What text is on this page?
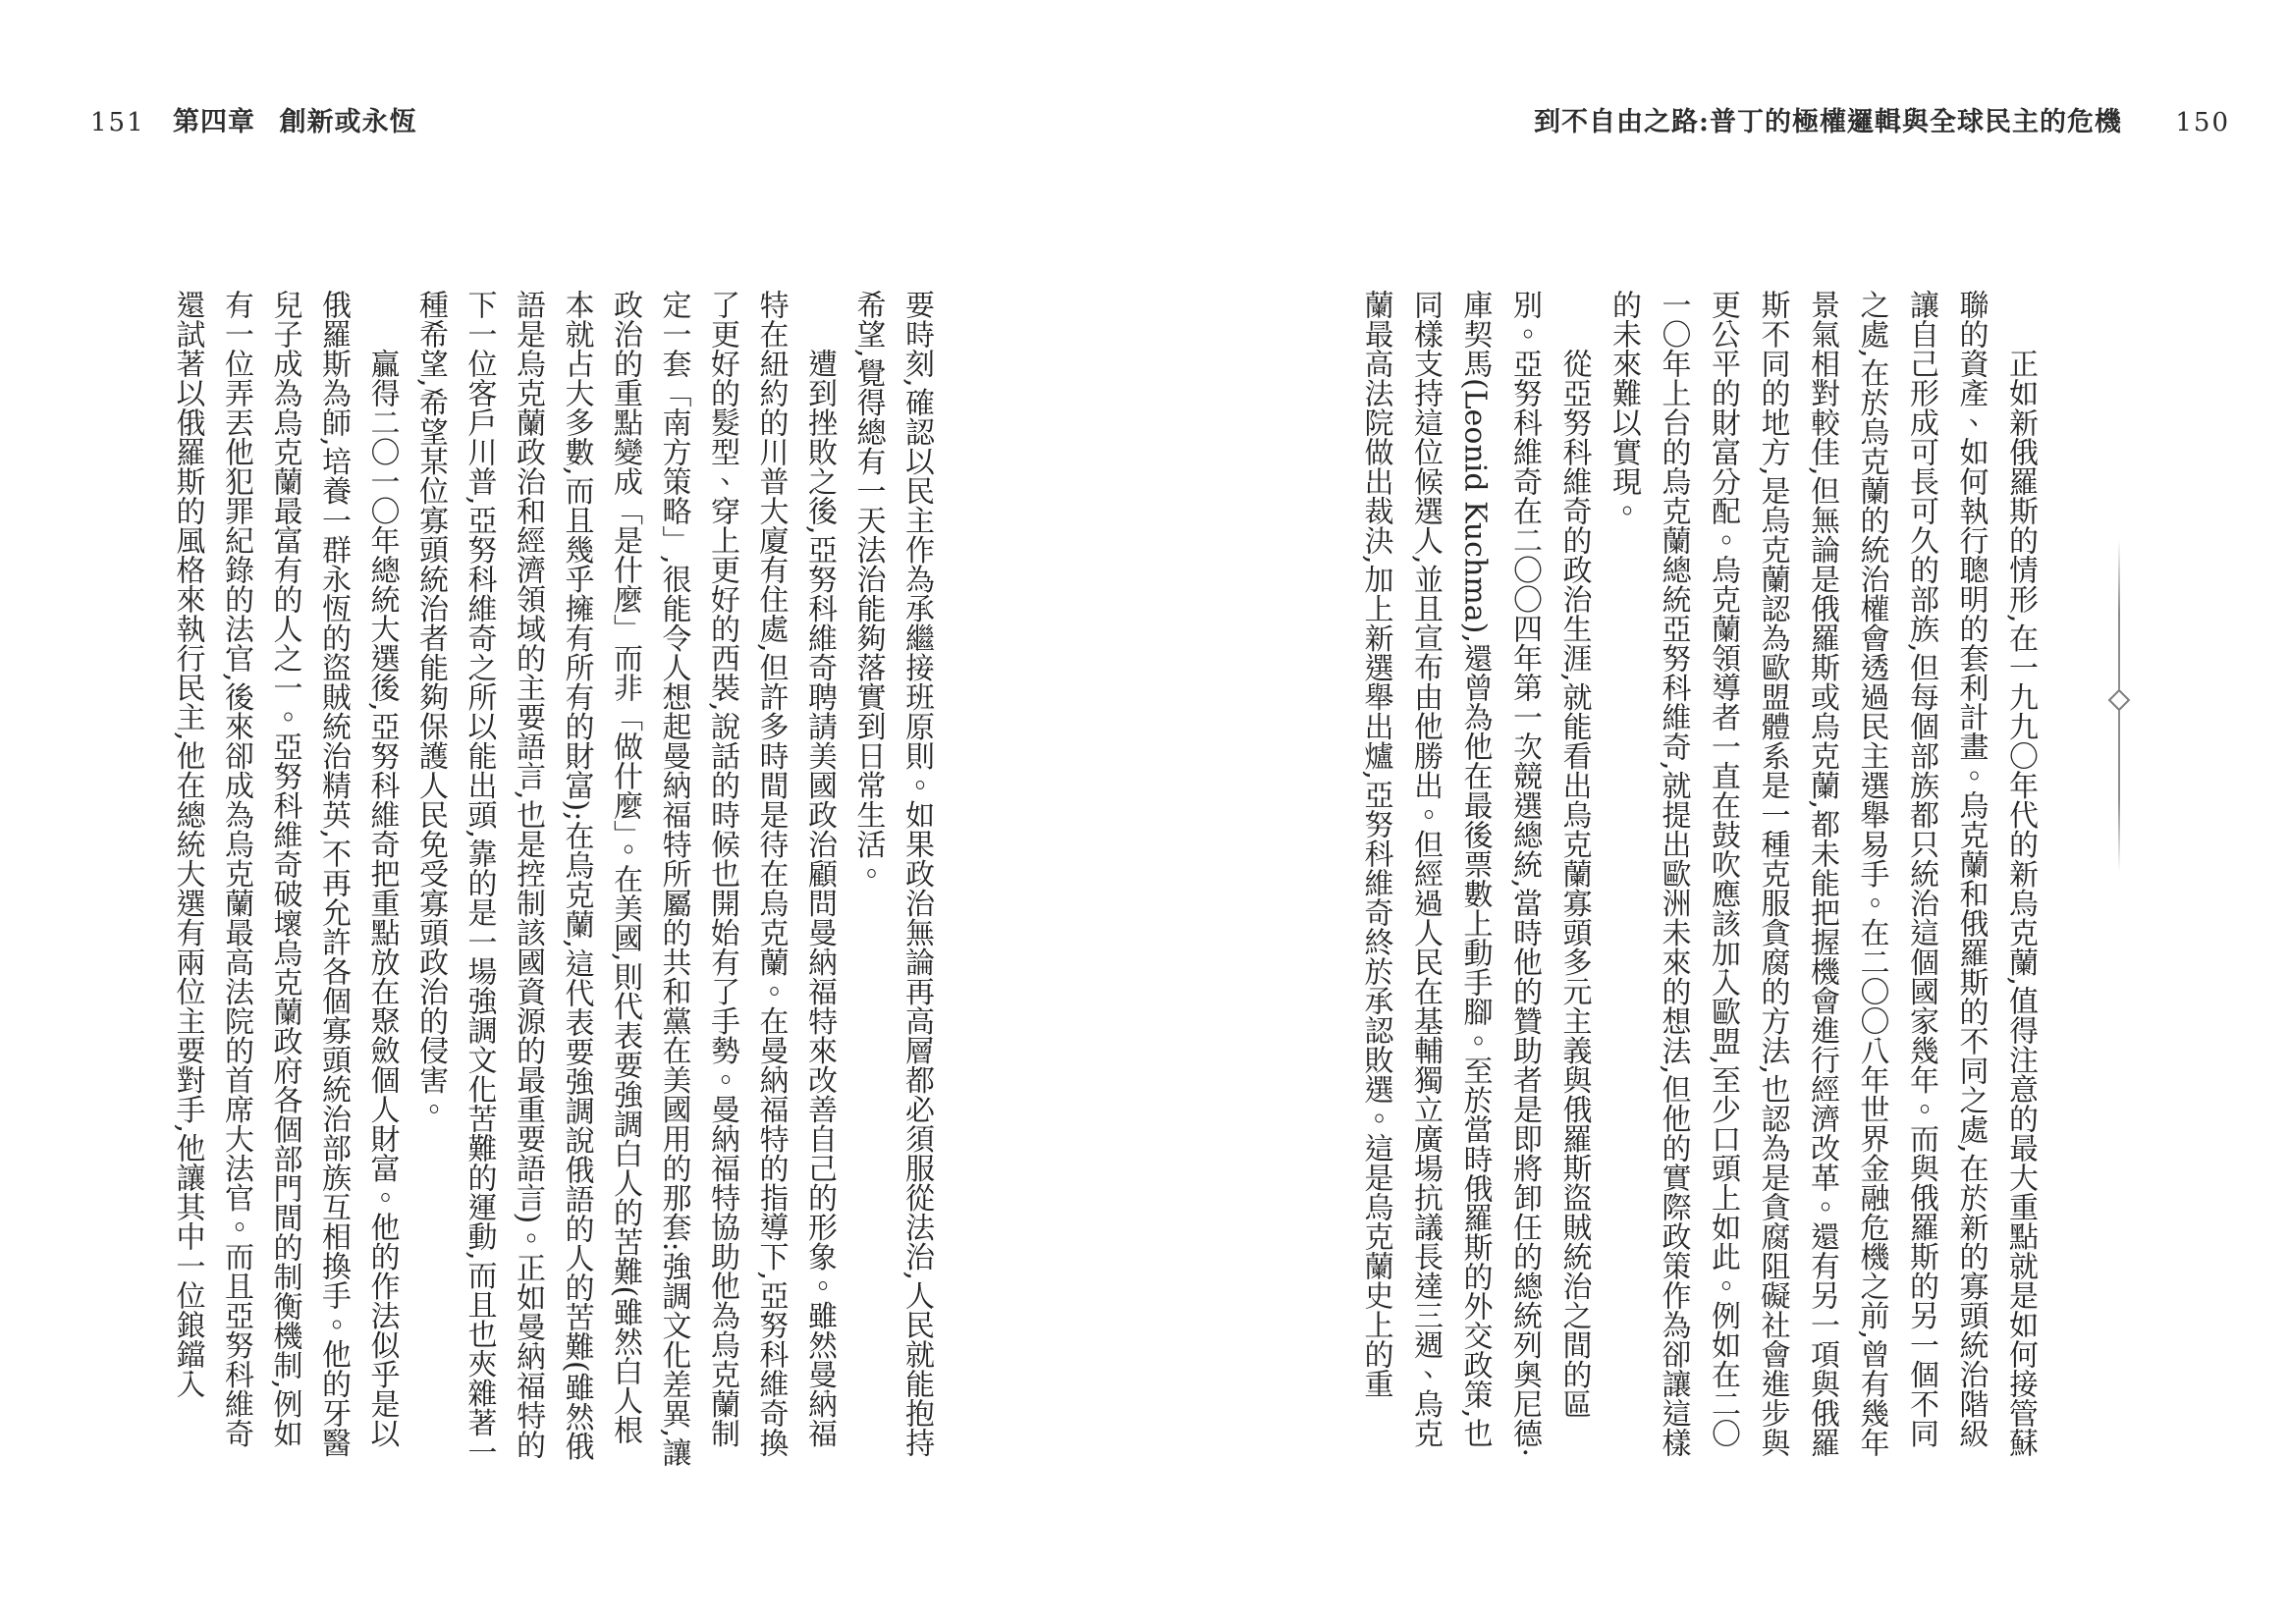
151 第四章 創新或永恆	到不自由之路:普丁的極權邏輯與全球民主的危機 150

正如新俄羅斯的情形,在一九九〇年代的新烏克蘭,值得注意的最大重點就是如何接管蘇聯的資產、如何執行聰明的套利計畫。烏克蘭和俄羅斯的不同之處,在於新的寡頭統治階級讓自己形成可長可久的部族,但每個部族都只統治這個國家幾年。而與俄羅斯的另一個不同之處,在於烏克蘭的統治權會透過民主選舉易手。在二〇〇八年世界金融危機之前,曾有幾年景氣相對較佳,但無論是俄羅斯或烏克蘭,都未能把握機會進行經濟改革。還有另一項與俄羅斯不同的地方,是烏克蘭認為歐盟體系是一種克服貪腐的方法,也認為是貪腐阻礙社會進步與更公平的財富分配。烏克蘭領導者一直在鼓吹應該加入歐盟,至少口頭上如此。例如在二〇一〇年上台的烏克蘭總統亞努科維奇,就提出歐洲未來的想法,但他的實際政策作為卻讓這樣的未來難以實現。

從亞努科維奇的政治生涯,就能看出烏克蘭寡頭多元主義與俄羅斯盜賊統治之間的區別。亞努科維奇在二〇〇四年第一次競選總統,當時他的贊助者是即將卸任的總統列奧尼德·庫契馬(Leonid Kuchma),還曾為他在最後票數上動手腳。至於當時俄羅斯的外交政策,也同樣支持這位候選人,並且宣布由他勝出。但經過人民在基輔獨立廣場抗議長達三週、烏克蘭最高法院做出裁決,加上新選舉出爐,亞努科維奇終於承認敗選。這是烏克蘭史上的重

要時刻,確認以民主作為承繼接班原則。如果政治無論再高層都必須服從法治,人民就能抱持希望,覺得總有一天法治能夠落實到日常生活。

遭到挫敗之後,亞努科維奇聘請美國政治顧問曼納福特來改善自己的形象。雖然曼納福特在紐約的川普大廈有住處,但許多時間是待在烏克蘭。在曼納福特的指導下,亞努科維奇換了更好的髮型、穿上更好的西裝,說話的時候也開始有了手勢。曼納福特協助他為烏克蘭制定一套「南方策略」,很能令人想起曼納福特所屬的共和黨在美國用的那套:強調文化差異,讓政治的重點變成「是什麼」而非「做什麼」。在美國,則代表要強調白人的苦難(雖然白人根本就占大多數,而且幾乎擁有所有的財富);在烏克蘭,這代表要強調說俄語的人的苦難(雖然俄語是烏克蘭政治和經濟領域的主要語言,也是控制該國資源的最重要語言)。正如曼納福特的下一位客戶川普,亞努科維奇之所以能出頭,靠的是一場強調文化苦難的運動,而且也夾雜著一種希望,希望某位寡頭統治者能夠保護人民免受寡頭政治的侵害。

贏得二〇一〇年總統大選後,亞努科維奇把重點放在聚斂個人財富。他的作法似乎是以俄羅斯為師,培養一群永恆的盜賊統治精英,不再允許各個寡頭統治部族互相換手。他的牙醫兒子成為烏克蘭最富有的人之一。亞努科維奇破壞烏克蘭政府各個部門間的制衡機制,例如有一位弄丟他犯罪紀錄的法官,後來卻成為烏克蘭最高法院的首席大法官。而且亞努科維奇還試著以俄羅斯的風格來執行民主,他在總統大選有兩位主要對手,他讓其中一位鋃鐺入
